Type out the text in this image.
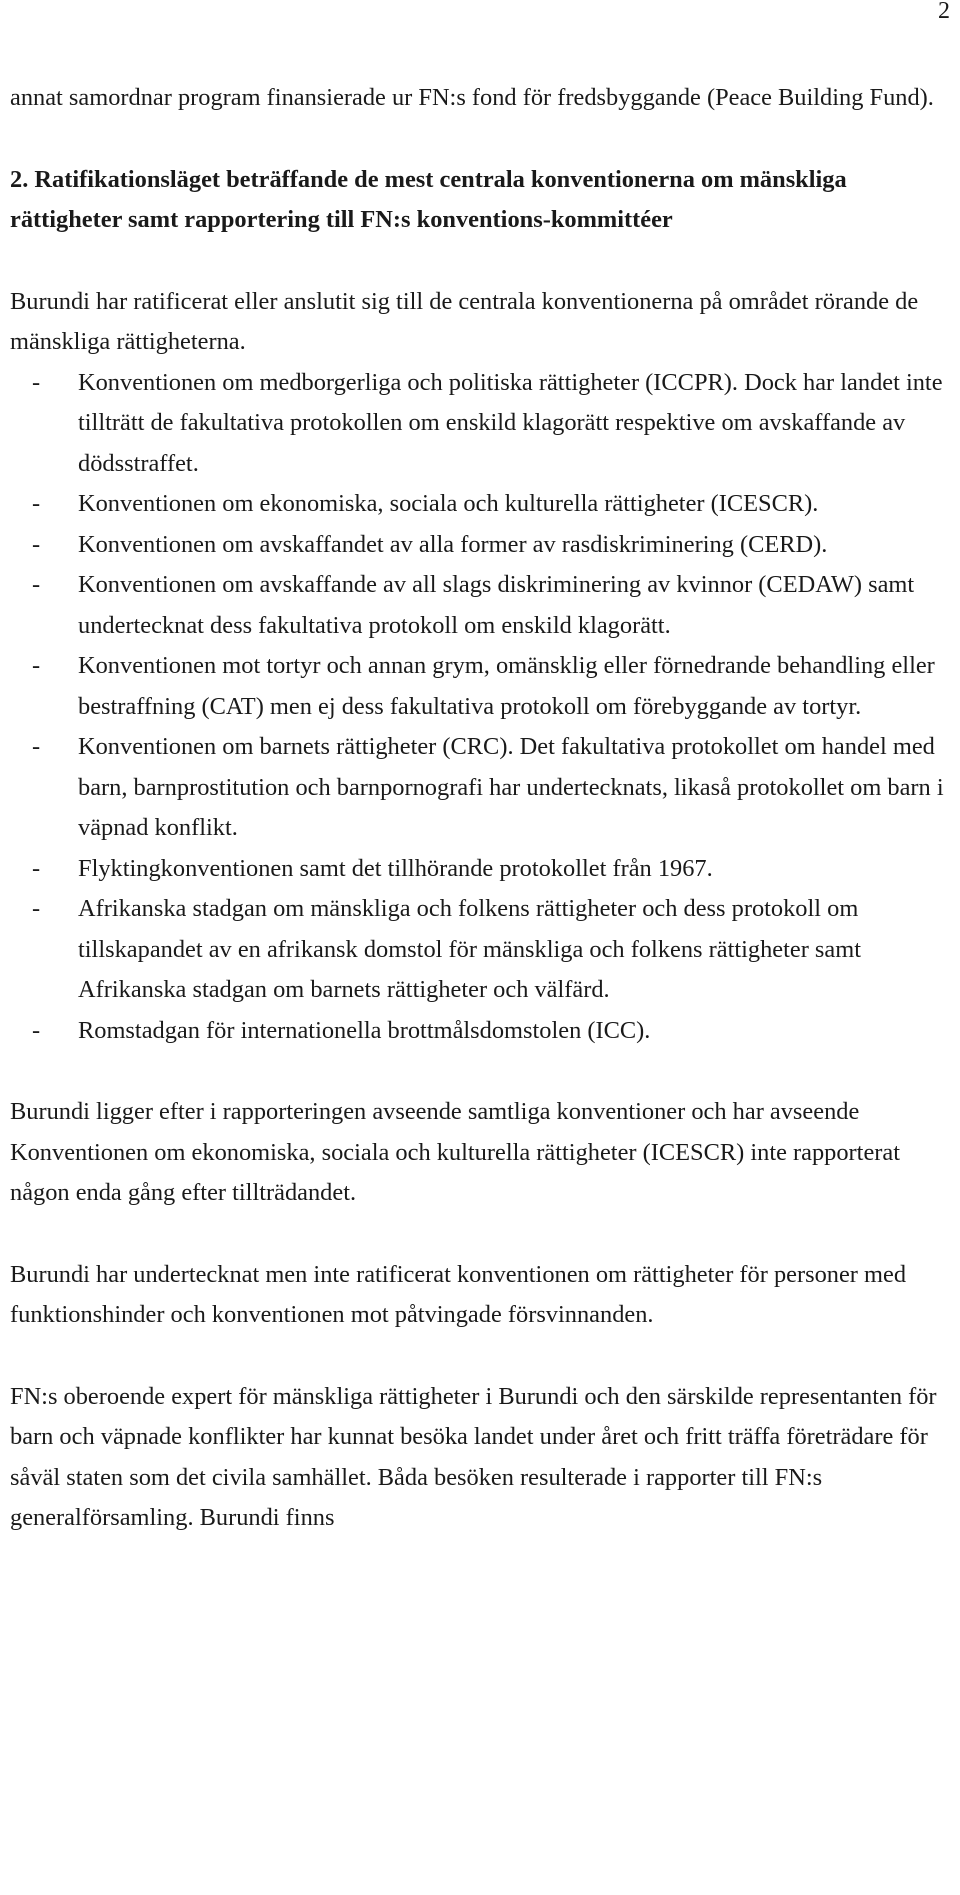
2

annat samordnar program finansierade ur FN:s fond för fredsbyggande (Peace Building Fund).

2. Ratifikationsläget beträffande de mest centrala konventionerna om mänskliga rättigheter samt rapportering till FN:s konventions-kommittéer

Burundi har ratificerat eller anslutit sig till de centrala konventionerna på området rörande de mänskliga rättigheterna.

- Konventionen om medborgerliga och politiska rättigheter (ICCPR). Dock har landet inte tillträtt de fakultativa protokollen om enskild klagorätt respektive om avskaffande av dödsstraffet.
- Konventionen om ekonomiska, sociala och kulturella rättigheter (ICESCR).
- Konventionen om avskaffandet av alla former av rasdiskriminering (CERD).
- Konventionen om avskaffande av all slags diskriminering av kvinnor (CEDAW) samt undertecknat dess fakultativa protokoll om enskild klagorätt.
- Konventionen mot tortyr och annan grym, omänsklig eller förnedrande behandling eller bestraffning (CAT) men ej dess fakultativa protokoll om förebyggande av tortyr.
- Konventionen om barnets rättigheter (CRC). Det fakultativa protokollet om handel med barn, barnprostitution och barnpornografi har undertecknats, likaså protokollet om barn i väpnad konflikt.
- Flyktingkonventionen samt det tillhörande protokollet från 1967.
- Afrikanska stadgan om mänskliga och folkens rättigheter och dess protokoll om tillskapandet av en afrikansk domstol för mänskliga och folkens rättigheter samt Afrikanska stadgan om barnets rättigheter och välfärd.
- Romstadgan för internationella brottmålsdomstolen (ICC).

Burundi ligger efter i rapporteringen avseende samtliga konventioner och har avseende Konventionen om ekonomiska, sociala och kulturella rättigheter (ICESCR) inte rapporterat någon enda gång efter tillträdandet.

Burundi har undertecknat men inte ratificerat konventionen om rättigheter för personer med funktionshinder och konventionen mot påtvingade försvinnanden.

FN:s oberoende expert för mänskliga rättigheter i Burundi och den särskilde representanten för barn och väpnade konflikter har kunnat besöka landet under året och fritt träffa företrädare för såväl staten som det civila samhället. Båda besöken resulterade i rapporter till FN:s generalförsamling. Burundi finns
